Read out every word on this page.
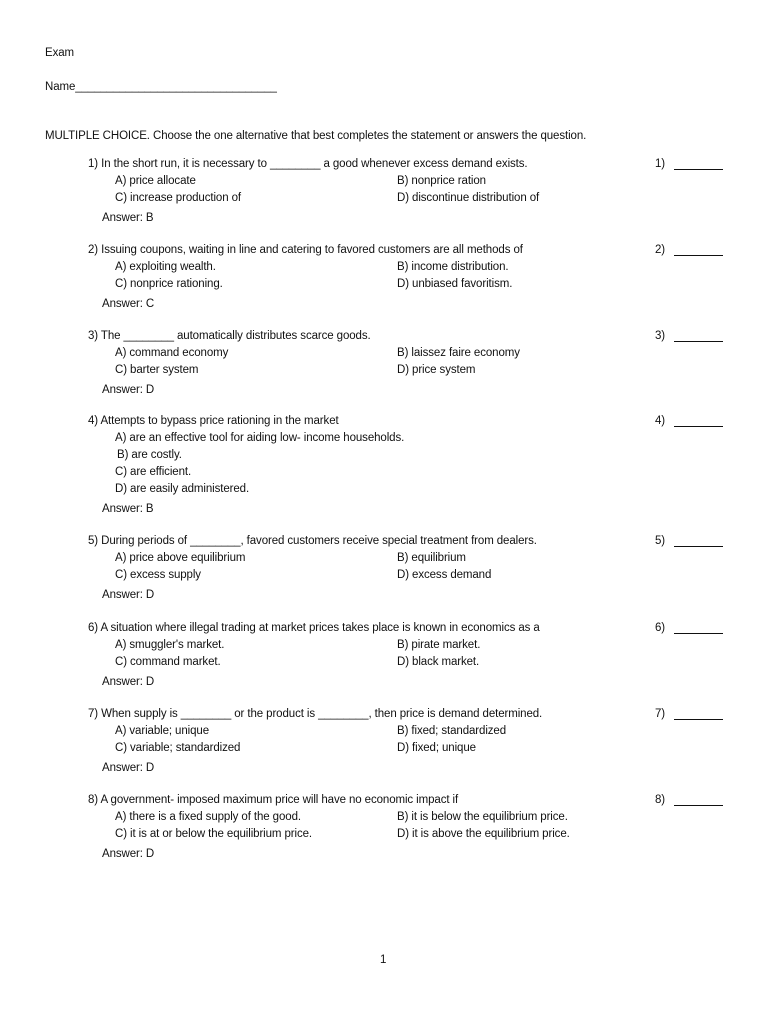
Exam
Name________________________________
MULTIPLE CHOICE. Choose the one alternative that best completes the statement or answers the question.
1) In the short run, it is necessary to ________ a good whenever excess demand exists.	1)
A) price allocate	B) nonprice ration
C) increase production of	D) discontinue distribution of
Answer: B
2) Issuing coupons, waiting in line and catering to favored customers are all methods of	2)
A) exploiting wealth.	B) income distribution.
C) nonprice rationing.	D) unbiased favoritism.
Answer: C
3) The ________ automatically distributes scarce goods.	3)
A) command economy	B) laissez faire economy
C) barter system	D) price system
Answer: D
4) Attempts to bypass price rationing in the market	4)
A) are an effective tool for aiding low- income households.
B) are costly.
C) are efficient.
D) are easily administered.
Answer: B
5) During periods of ________, favored customers receive special treatment from dealers.	5)
A) price above equilibrium	B) equilibrium
C) excess supply	D) excess demand
Answer: D
6) A situation where illegal trading at market prices takes place is known in economics as a	6)
A) smuggler's market.	B) pirate market.
C) command market.	D) black market.
Answer: D
7) When supply is ________ or the product is ________, then price is demand determined.	7)
A) variable; unique	B) fixed; standardized
C) variable; standardized	D) fixed; unique
Answer: D
8) A government- imposed maximum price will have no economic impact if	8)
A) there is a fixed supply of the good.	B) it is below the equilibrium price.
C) it is at or below the equilibrium price.	D) it is above the equilibrium price.
Answer: D
1
